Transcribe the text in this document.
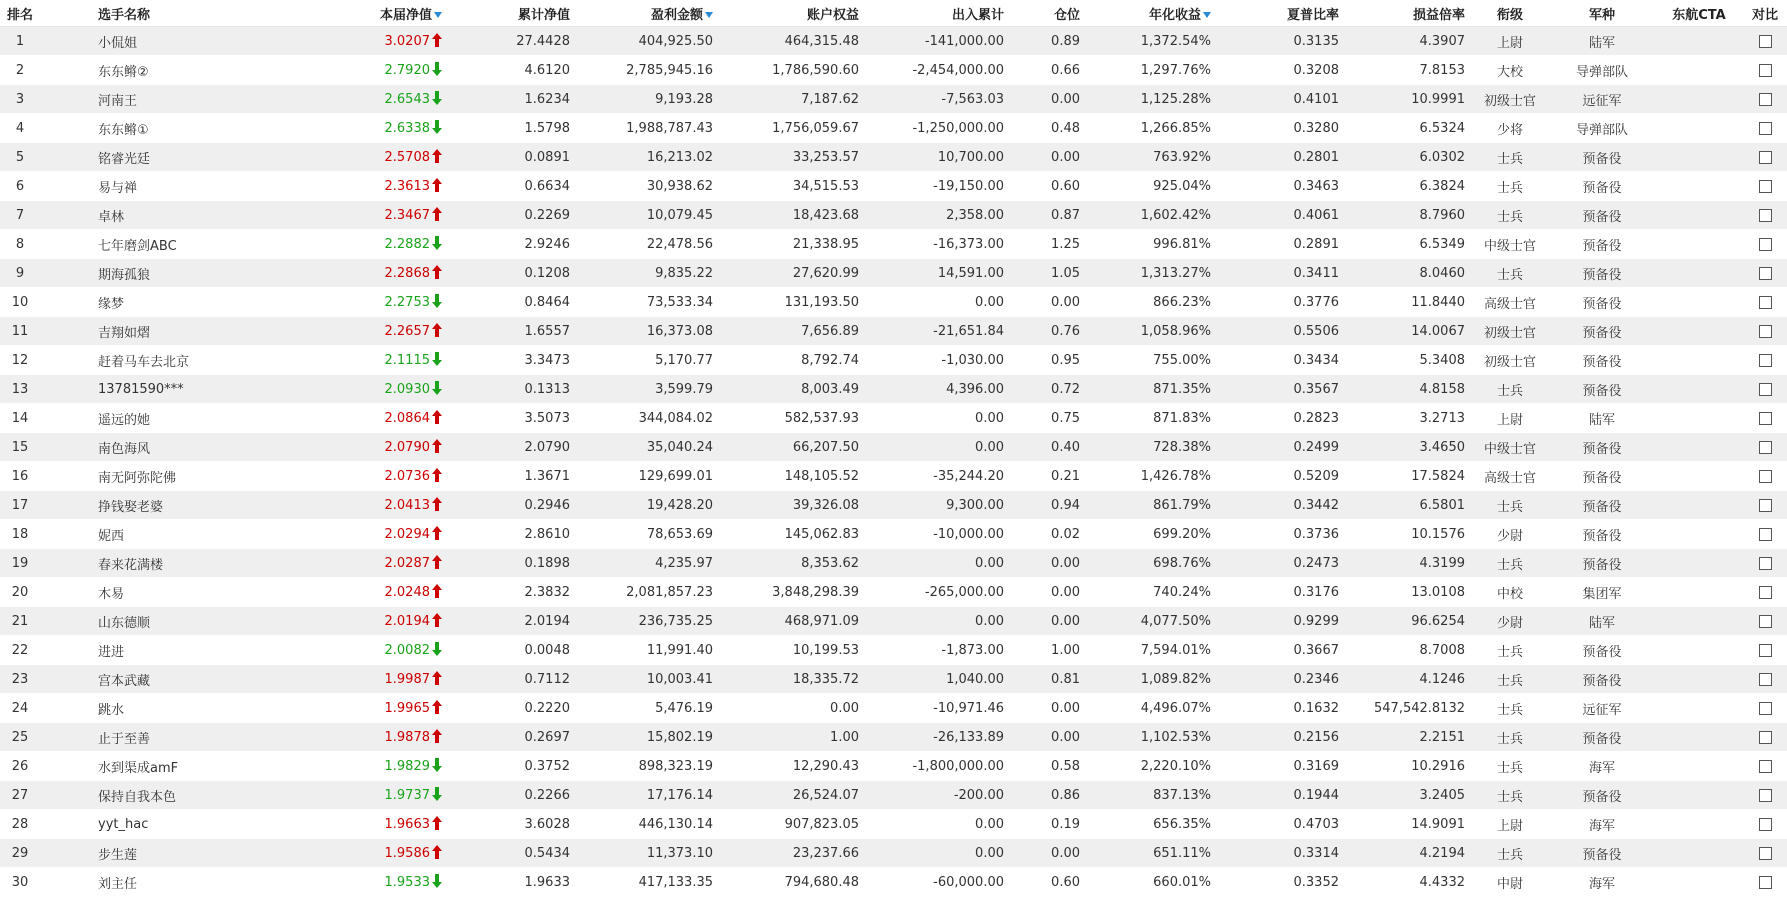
排名	选手名称	本届净值	累计净值	盈利金额	账户权益	出入累计	仓位	年化收益	夏普比率	损益倍率	衔级	军种	东航CTA	对比
1	小侃姐	3.0207	27.4428	404,925.50	464,315.48	-141,000.00	0.89	1,372.54%	0.3135	4.3907	上尉	陆军		
2	东东鳉②	2.7920	4.6120	2,785,945.16	1,786,590.60	-2,454,000.00	0.66	1,297.76%	0.3208	7.8153	大校	导弹部队		
3	河南王	2.6543	1.6234	9,193.28	7,187.62	-7,563.03	0.00	1,125.28%	0.4101	10.9991	初级士官	远征军		
4	东东鳉①	2.6338	1.5798	1,988,787.43	1,756,059.67	-1,250,000.00	0.48	1,266.85%	0.3280	6.5324	少将	导弹部队		
5	铭睿光廷	2.5708	0.0891	16,213.02	33,253.57	10,700.00	0.00	763.92%	0.2801	6.0302	士兵	预备役		
6	易与禅	2.3613	0.6634	30,938.62	34,515.53	-19,150.00	0.60	925.04%	0.3463	6.3824	士兵	预备役		
7	卓林	2.3467	0.2269	10,079.45	18,423.68	2,358.00	0.87	1,602.42%	0.4061	8.7960	士兵	预备役		
8	七年磨剑ABC	2.2882	2.9246	22,478.56	21,338.95	-16,373.00	1.25	996.81%	0.2891	6.5349	中级士官	预备役		
9	期海孤狼	2.2868	0.1208	9,835.22	27,620.99	14,591.00	1.05	1,313.27%	0.3411	8.0460	士兵	预备役		
10	缘梦	2.2753	0.8464	73,533.34	131,193.50	0.00	0.00	866.23%	0.3776	11.8440	高级士官	预备役		
11	吉翔如熠	2.2657	1.6557	16,373.08	7,656.89	-21,651.84	0.76	1,058.96%	0.5506	14.0067	初级士官	预备役		
12	赶着马车去北京	2.1115	3.3473	5,170.77	8,792.74	-1,030.00	0.95	755.00%	0.3434	5.3408	初级士官	预备役		
13	13781590***	2.0930	0.1313	3,599.79	8,003.49	4,396.00	0.72	871.35%	0.3567	4.8158	士兵	预备役		
14	遥远的她	2.0864	3.5073	344,084.02	582,537.93	0.00	0.75	871.83%	0.2823	3.2713	上尉	陆军		
15	南色海风	2.0790	2.0790	35,040.24	66,207.50	0.00	0.40	728.38%	0.2499	3.4650	中级士官	预备役		
16	南无阿弥陀佛	2.0736	1.3671	129,699.01	148,105.52	-35,244.20	0.21	1,426.78%	0.5209	17.5824	高级士官	预备役		
17	挣钱娶老婆	2.0413	0.2946	19,428.20	39,326.08	9,300.00	0.94	861.79%	0.3442	6.5801	士兵	预备役		
18	妮西	2.0294	2.8610	78,653.69	145,062.83	-10,000.00	0.02	699.20%	0.3736	10.1576	少尉	预备役		
19	春来花满楼	2.0287	0.1898	4,235.97	8,353.62	0.00	0.00	698.76%	0.2473	4.3199	士兵	预备役		
20	木易	2.0248	2.3832	2,081,857.23	3,848,298.39	-265,000.00	0.00	740.24%	0.3176	13.0108	中校	集团军		
21	山东德顺	2.0194	2.0194	236,735.25	468,971.09	0.00	0.00	4,077.50%	0.9299	96.6254	少尉	陆军		
22	进进	2.0082	0.0048	11,991.40	10,199.53	-1,873.00	1.00	7,594.01%	0.3667	8.7008	士兵	预备役		
23	宫本武藏	1.9987	0.7112	10,003.41	18,335.72	1,040.00	0.81	1,089.82%	0.2346	4.1246	士兵	预备役		
24	跳水	1.9965	0.2220	5,476.19	0.00	-10,971.46	0.00	4,496.07%	0.1632	547,542.8132	士兵	远征军		
25	止于至善	1.9878	0.2697	15,802.19	1.00	-26,133.89	0.00	1,102.53%	0.2156	2.2151	士兵	预备役		
26	水到渠成amF	1.9829	0.3752	898,323.19	12,290.43	-1,800,000.00	0.58	2,220.10%	0.3169	10.2916	士兵	海军		
27	保持自我本色	1.9737	0.2266	17,176.14	26,524.07	-200.00	0.86	837.13%	0.1944	3.2405	士兵	预备役		
28	yyt_hac	1.9663	3.6028	446,130.14	907,823.05	0.00	0.19	656.35%	0.4703	14.9091	上尉	海军		
29	步生莲	1.9586	0.5434	11,373.10	23,237.66	0.00	0.00	651.11%	0.3314	4.2194	士兵	预备役		
30	刘主任	1.9533	1.9633	417,133.35	794,680.48	-60,000.00	0.60	660.01%	0.3352	4.4332	中尉	海军		
